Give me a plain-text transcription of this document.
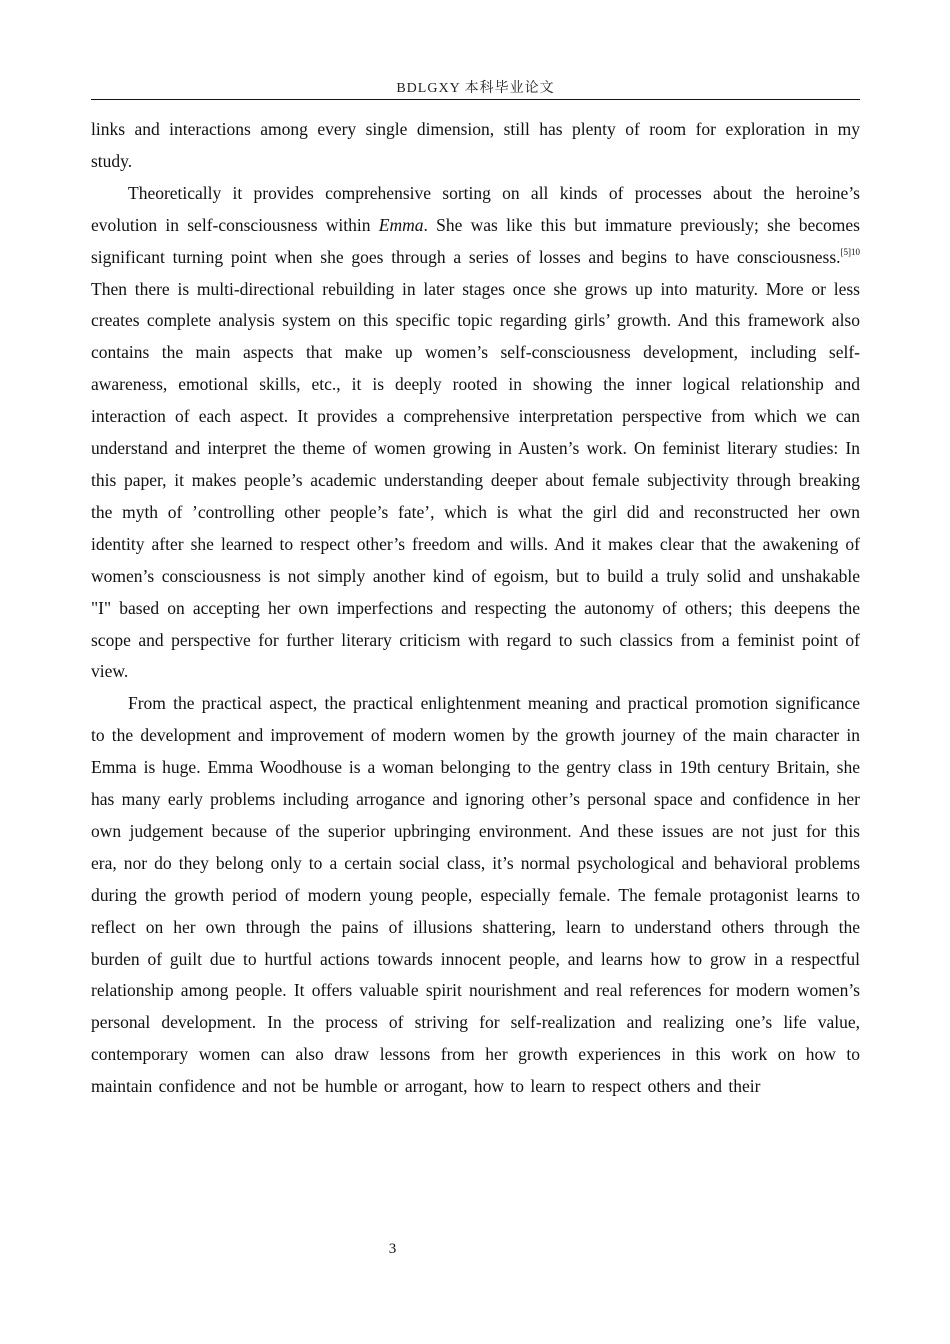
BDLGXY 本科毕业论文

links and interactions among every single dimension, still has plenty of room for exploration in my study.

Theoretically it provides comprehensive sorting on all kinds of processes about the heroine’s evolution in self-consciousness within Emma. She was like this but immature previously; she becomes significant turning point when she goes through a series of losses and begins to have consciousness.$^{[5]10}$ Then there is multi-directional rebuilding in later stages once she grows up into maturity. More or less creates complete analysis system on this specific topic regarding girls’ growth. And this framework also contains the main aspects that make up women’s self-consciousness development, including self-awareness, emotional skills, etc., it is deeply rooted in showing the inner logical relationship and interaction of each aspect. It provides a comprehensive interpretation perspective from which we can understand and interpret the theme of women growing in Austen’s work. On feminist literary studies: In this paper, it makes people’s academic understanding deeper about female subjectivity through breaking the myth of ’controlling other people’s fate’, which is what the girl did and reconstructed her own identity after she learned to respect other’s freedom and wills. And it makes clear that the awakening of women’s consciousness is not simply another kind of egoism, but to build a truly solid and unshakable "I" based on accepting her own imperfections and respecting the autonomy of others; this deepens the scope and perspective for further literary criticism with regard to such classics from a feminist point of view.

From the practical aspect, the practical enlightenment meaning and practical promotion significance to the development and improvement of modern women by the growth journey of the main character in Emma is huge. Emma Woodhouse is a woman belonging to the gentry class in 19th century Britain, she has many early problems including arrogance and ignoring other’s personal space and confidence in her own judgement because of the superior upbringing environment. And these issues are not just for this era, nor do they belong only to a certain social class, it’s normal psychological and behavioral problems during the growth period of modern young people, especially female. The female protagonist learns to reflect on her own through the pains of illusions shattering, learn to understand others through the burden of guilt due to hurtful actions towards innocent people, and learns how to grow in a respectful relationship among people. It offers valuable spirit nourishment and real references for modern women’s personal development. In the process of striving for self-realization and realizing one’s life value, contemporary women can also draw lessons from her growth experiences in this work on how to maintain confidence and not be humble or arrogant, how to learn to respect others and their

3
